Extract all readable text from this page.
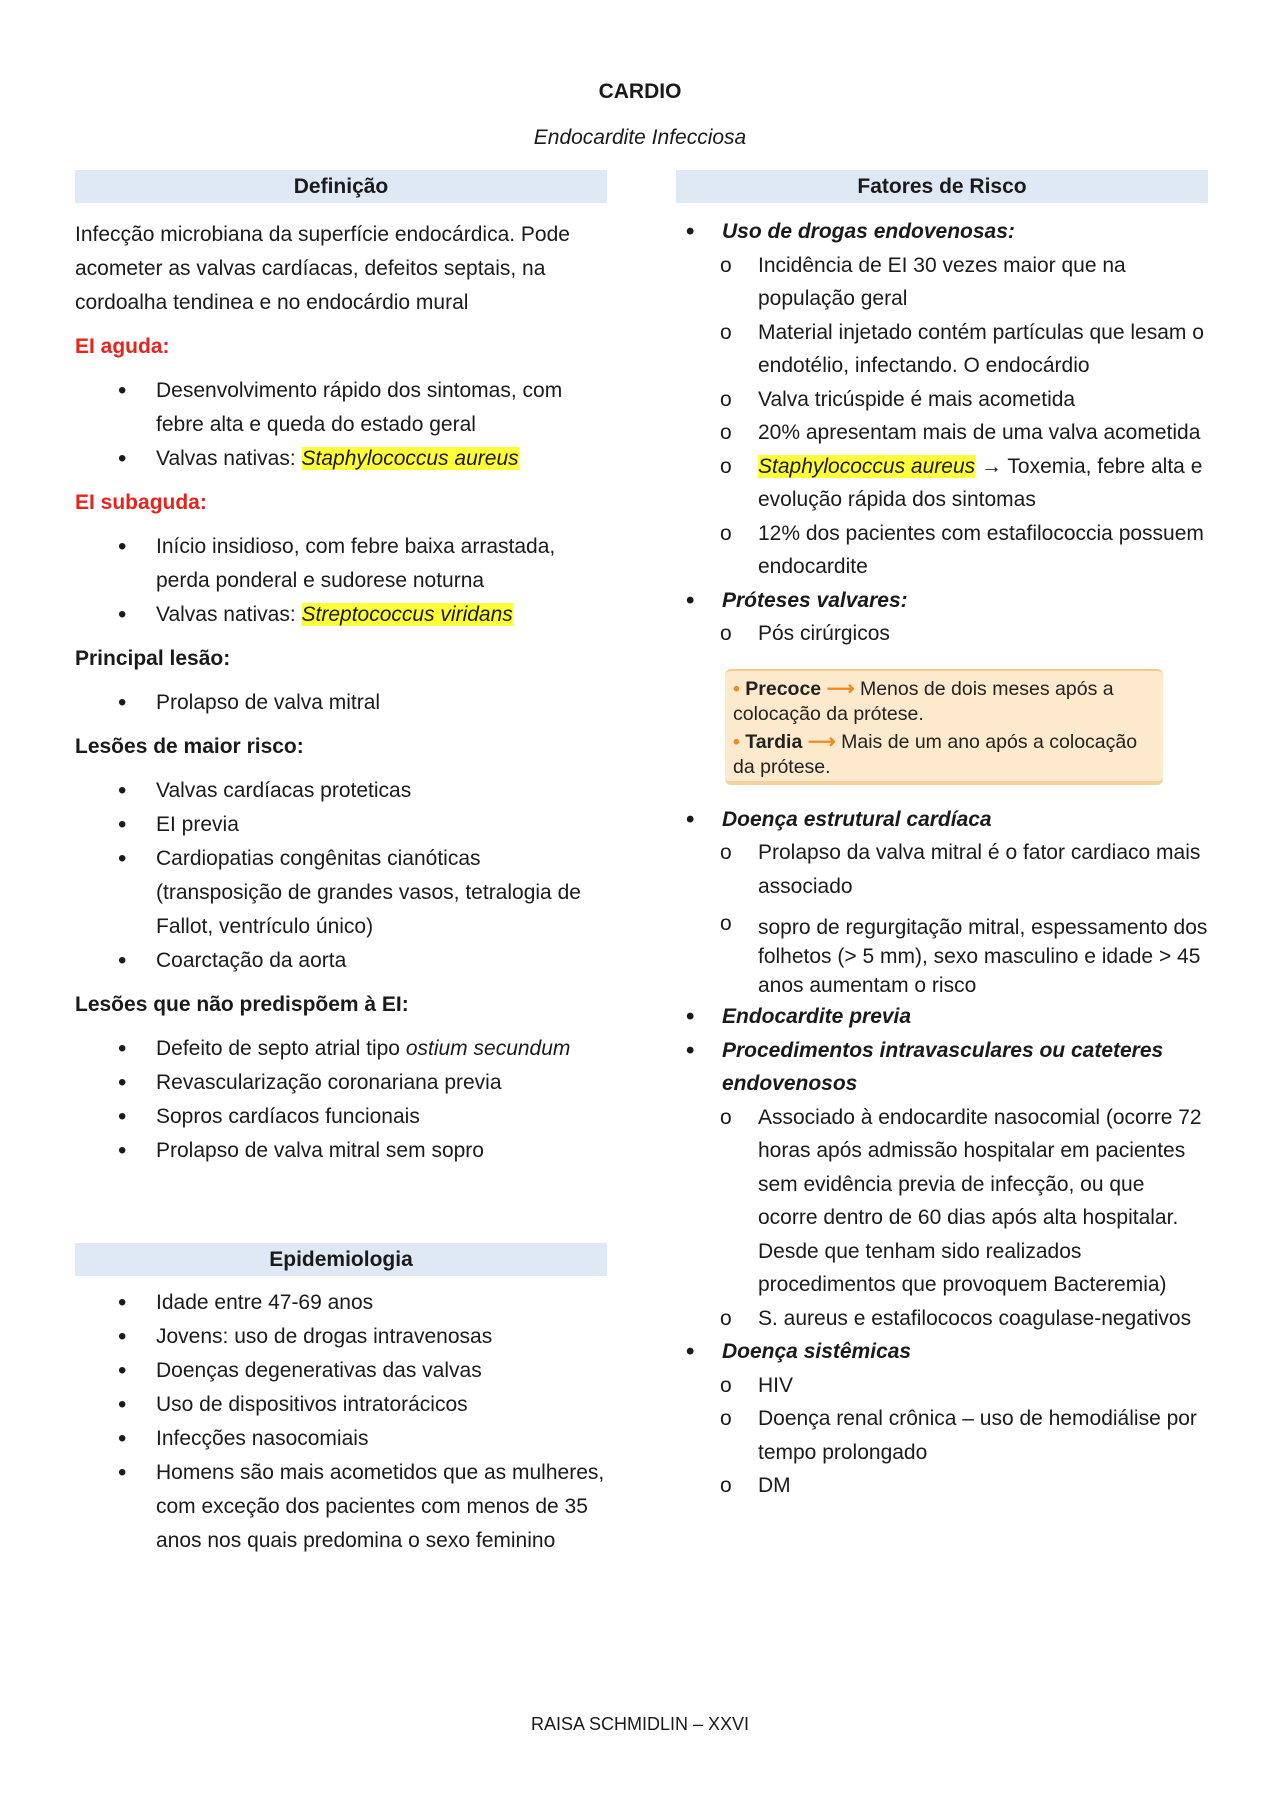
CARDIO
Endocardite Infecciosa
Definição
Infecção microbiana da superfície endocárdica. Pode acometer as valvas cardíacas, defeitos septais, na cordoalha tendinea e no endocárdio mural
EI aguda:
• Desenvolvimento rápido dos sintomas, com febre alta e queda do estado geral
• Valvas nativas: Staphylococcus aureus
EI subaguda:
• Início insidioso, com febre baixa arrastada, perda ponderal e sudorese noturna
• Valvas nativas: Streptococcus viridans
Principal lesão:
• Prolapso de valva mitral
Lesões de maior risco:
• Valvas cardíacas proteticas
• EI previa
• Cardiopatias congênitas cianóticas (transposição de grandes vasos, tetralogia de Fallot, ventrículo único)
• Coarctação da aorta
Lesões que não predispõem à EI:
• Defeito de septo atrial tipo ostium secundum
• Revascularização coronariana previa
• Sopros cardíacos funcionais
• Prolapso de valva mitral sem sopro
Epidemiologia
• Idade entre 47-69 anos
• Jovens: uso de drogas intravenosas
• Doenças degenerativas das valvas
• Uso de dispositivos intratorácicos
• Infecções nasocomiais
• Homens são mais acometidos que as mulheres, com exceção dos pacientes com menos de 35 anos nos quais predomina o sexo feminino
Fatores de Risco
• Uso de drogas endovenosas:
o Incidência de EI 30 vezes maior que na população geral
o Material injetado contém partículas que lesam o endotélio, infectando. O endocárdio
o Valva tricúspide é mais acometida
o 20% apresentam mais de uma valva acometida
o Staphylococcus aureus → Toxemia, febre alta e evolução rápida dos sintomas
o 12% dos pacientes com estafilococcia possuem endocardite
• Próteses valvares:
o Pós cirúrgicos
• Precoce ⟶ Menos de dois meses após a colocação da prótese.
• Tardia ⟶ Mais de um ano após a colocação da prótese.
• Doença estrutural cardíaca
o Prolapso da valva mitral é o fator cardiaco mais associado
o sopro de regurgitação mitral, espessamento dos folhetos (> 5 mm), sexo masculino e idade > 45 anos aumentam o risco
• Endocardite previa
• Procedimentos intravasculares ou cateteres endovenosos
o Associado à endocardite nasocomial (ocorre 72 horas após admissão hospitalar em pacientes sem evidência previa de infecção, ou que ocorre dentro de 60 dias após alta hospitalar. Desde que tenham sido realizados procedimentos que provoquem Bacteremia)
o S. aureus e estafilococos coagulase-negativos
• Doença sistêmicas
o HIV
o Doença renal crônica – uso de hemodiálise por tempo prolongado
o DM
RAISA SCHMIDLIN – XXVI
